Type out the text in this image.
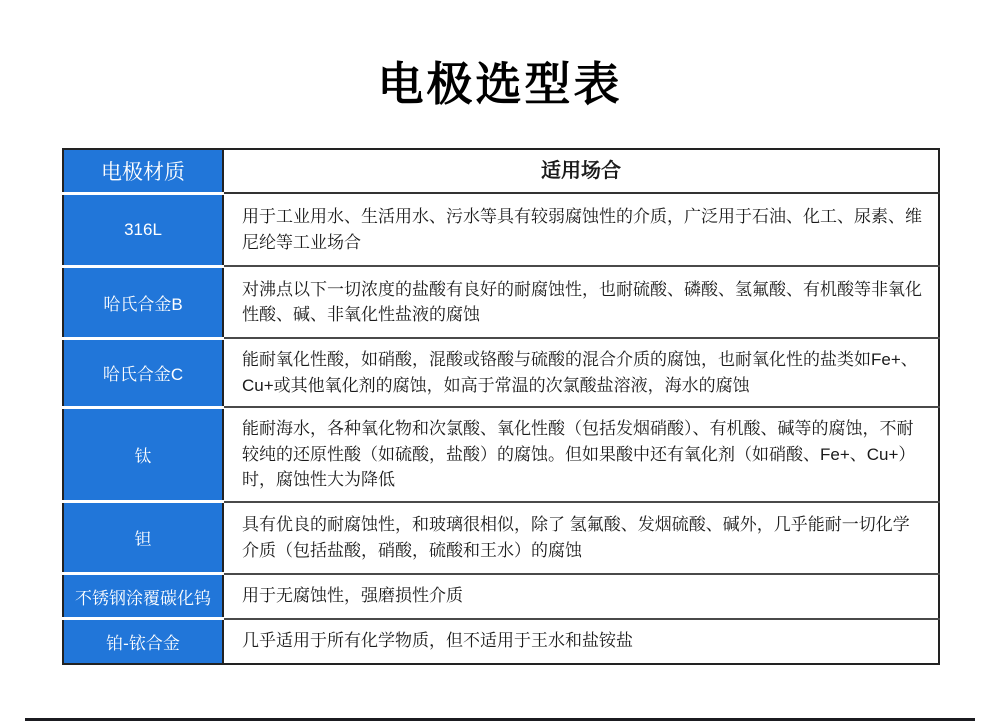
电极选型表
电极材质	适用场合
316L	用于工业用水、生活用水、污水等具有较弱腐蚀性的介质，广泛用于石油、化工、尿素、维尼纶等工业场合
哈氏合金B	对沸点以下一切浓度的盐酸有良好的耐腐蚀性，也耐硫酸、磷酸、氢氟酸、有机酸等非氧化性酸、碱、非氧化性盐液的腐蚀
哈氏合金C	能耐氧化性酸，如硝酸，混酸或铬酸与硫酸的混合介质的腐蚀，也耐氧化性的盐类如Fe+、Cu+或其他氧化剂的腐蚀，如高于常温的次氯酸盐溶液，海水的腐蚀
钛	能耐海水，各种氧化物和次氯酸、氧化性酸（包括发烟硝酸）、有机酸、碱等的腐蚀，不耐较纯的还原性酸（如硫酸，盐酸）的腐蚀。但如果酸中还有氧化剂（如硝酸、Fe+、Cu+）时，腐蚀性大为降低
钽	具有优良的耐腐蚀性，和玻璃很相似，除了 氢氟酸、发烟硫酸、碱外，几乎能耐一切化学介质（包括盐酸，硝酸，硫酸和王水）的腐蚀
不锈钢涂覆碳化钨	用于无腐蚀性，强磨损性介质
铂-铱合金	几乎适用于所有化学物质，但不适用于王水和盐铵盐
